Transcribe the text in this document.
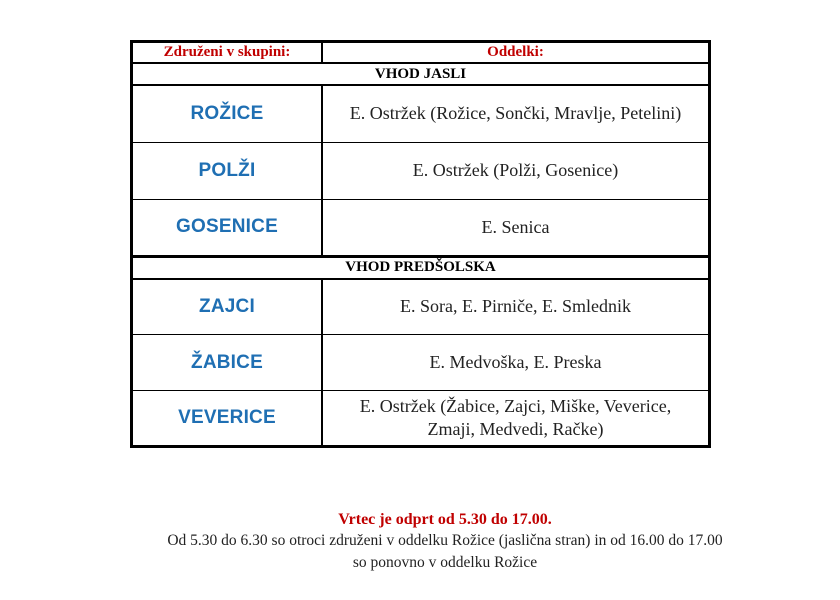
Združeni v skupini:	Oddelki:
VHOD JASLI	
ROŽICE	E. Ostržek (Rožice, Sončki, Mravlje, Petelini)
POLŽI	E. Ostržek (Polži, Gosenice)
GOSENICE	E. Senica
VHOD PREDŠOLSKA	
ZAJCI	E. Sora, E. Pirniče, E. Smlednik
ŽABICE	E. Medvoška, E. Preska
VEVERICE	E. Ostržek (Žabice, Zajci, Miške, Veverice, Zmaji, Medvedi, Račke)
Vrtec je odprt od 5.30 do 17.00.
Od 5.30 do 6.30 so otroci združeni v oddelku Rožice (jaslična stran) in od 16.00 do 17.00
so ponovno v oddelku Rožice
